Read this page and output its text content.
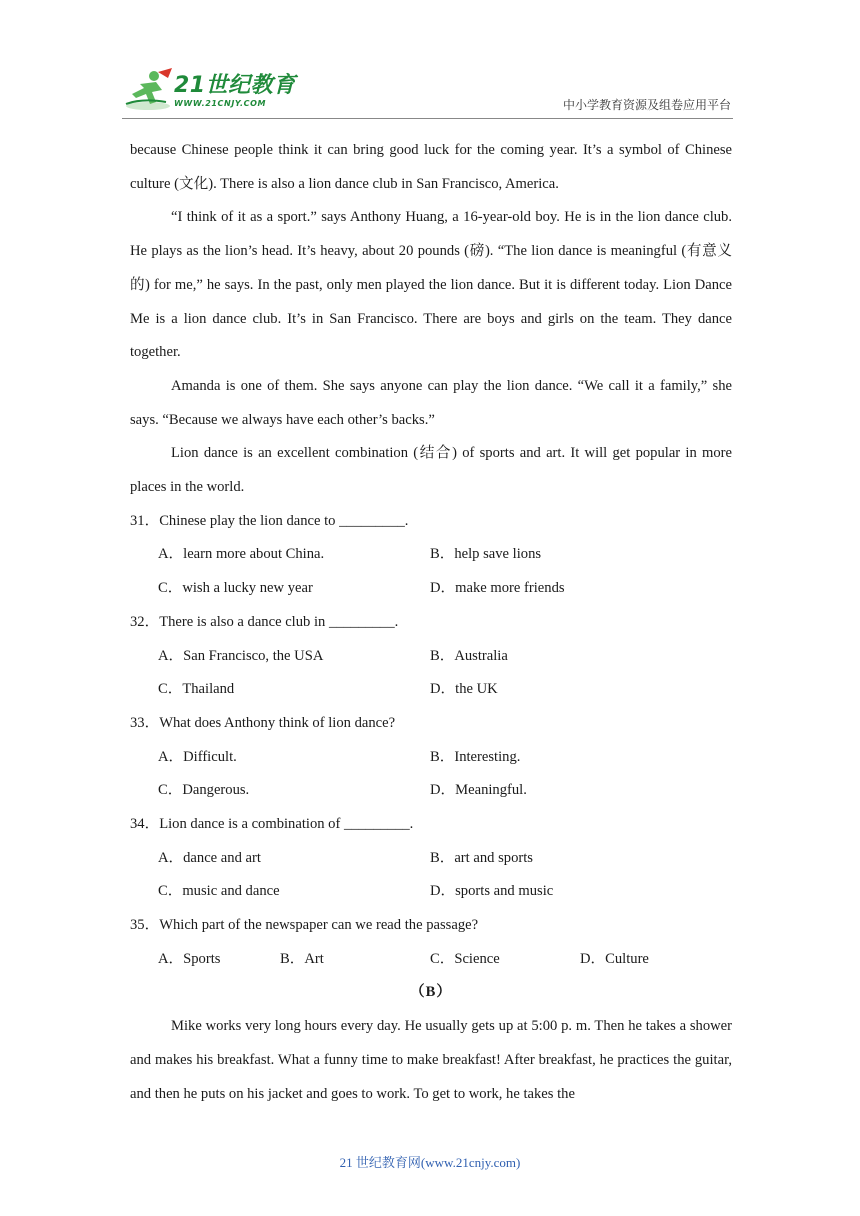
21世纪教育
WWW.21CNJY.COM	中小学教育资源及组卷应用平台

because Chinese people think it can bring good luck for the coming year. It’s a symbol of Chinese culture (文化). There is also a lion dance club in San Francisco, America.

“I think of it as a sport.” says Anthony Huang, a 16-year-old boy. He is in the lion dance club. He plays as the lion’s head. It’s heavy, about 20 pounds (磅). “The lion dance is meaningful (有意义的) for me,” he says. In the past, only men played the lion dance. But it is different today. Lion Dance Me is a lion dance club. It’s in San Francisco. There are boys and girls on the team. They dance together.

Amanda is one of them. She says anyone can play the lion dance. “We call it a family,” she says. “Because we always have each other’s backs.”

Lion dance is an excellent combination (结合) of sports and art. It will get popular in more places in the world.

31．Chinese play the lion dance to _________.

A．learn more about China.	B．help save lions
C．wish a lucky new year	D．make more friends

32．There is also a dance club in _________.

A．San Francisco, the USA	B．Australia
C．Thailand	D．the UK

33．What does Anthony think of lion dance?

A．Difficult.	B．Interesting.
C．Dangerous.	D．Meaningful.

34．Lion dance is a combination of _________.

A．dance and art	B．art and sports
C．music and dance	D．sports and music

35．Which part of the newspaper can we read the passage?

A．Sports	B．Art	C．Science	D．Culture

（B）

Mike works very long hours every day. He usually gets up at 5:00 p. m. Then he takes a shower and makes his breakfast. What a funny time to make breakfast! After breakfast, he practices the guitar, and then he puts on his jacket and goes to work. To get to work, he takes the

21 世纪教育网(www.21cnjy.com)
